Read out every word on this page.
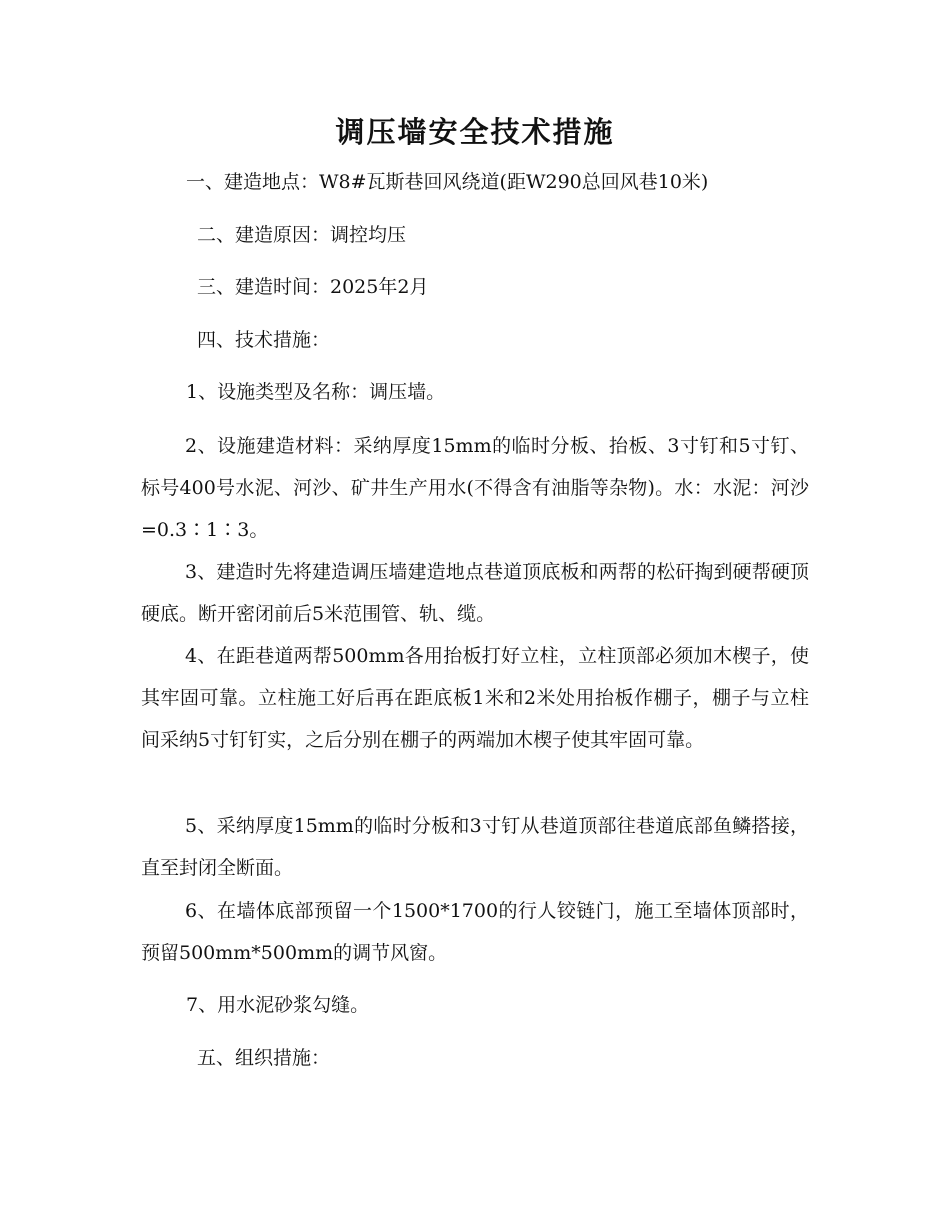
调压墙安全技术措施
一、建造地点：W8#瓦斯巷回风绕道(距W290总回风巷10米)
二、建造原因：调控均压
三、建造时间：2025年2月
四、技术措施：
1、设施类型及名称：调压墙。
2、设施建造材料：采纳厚度15mm的临时分板、抬板、3寸钉和5寸钉、标号400号水泥、河沙、矿井生产用水(不得含有油脂等杂物)。水：水泥：河沙=0.3∶1∶3。
3、建造时先将建造调压墙建造地点巷道顶底板和两帮的松矸掏到硬帮硬顶硬底。断开密闭前后5米范围管、轨、缆。
4、在距巷道两帮500mm各用抬板打好立柱，立柱顶部必须加木楔子，使其牢固可靠。立柱施工好后再在距底板1米和2米处用抬板作棚子，棚子与立柱间采纳5寸钉钉实，之后分别在棚子的两端加木楔子使其牢固可靠。
5、采纳厚度15mm的临时分板和3寸钉从巷道顶部往巷道底部鱼鳞搭接，直至封闭全断面。
6、在墙体底部预留一个1500*1700的行人铰链门，施工至墙体顶部时，预留500mm*500mm的调节风窗。
7、用水泥砂浆勾缝。
五、组织措施：
